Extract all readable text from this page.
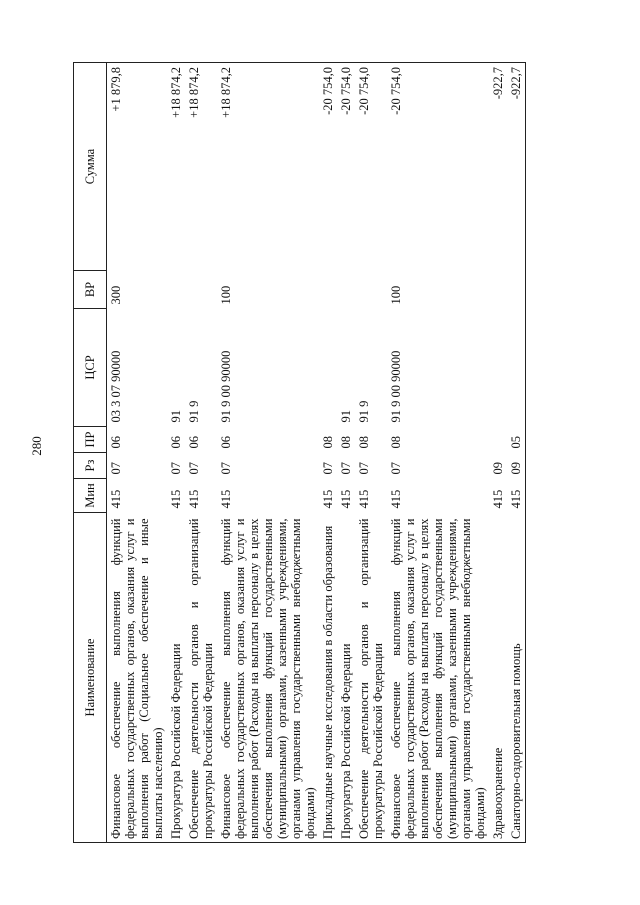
280
Наименование	Мин	Рз	ПР	ЦСР	ВР	Сумма
Финансовое обеспечение выполнения функций федеральных государственных органов, оказания услуг и выполнения работ (Социальное обеспечение и иные выплаты населению)	415	07	06	03 3 07 90000	300	+1 879,8
Прокуратура Российской Федерации	415	07	06	91		+18 874,2
Обеспечение деятельности органов и организаций прокуратуры Российской Федерации	415	07	06	91 9		+18 874,2
Финансовое обеспечение выполнения функций федеральных государственных органов, оказания услуг и выполнения работ (Расходы на выплаты персоналу в целях обеспечения выполнения функций государственными (муниципальными) органами, казенными учреждениями, органами управления государственными внебюджетными фондами)	415	07	06	91 9 00 90000	100	+18 874,2
Прикладные научные исследования в области образования	415	07	08			-20 754,0
Прокуратура Российской Федерации	415	07	08	91		-20 754,0
Обеспечение деятельности органов и организаций прокуратуры Российской Федерации	415	07	08	91 9		-20 754,0
Финансовое обеспечение выполнения функций федеральных государственных органов, оказания услуг и выполнения работ (Расходы на выплаты персоналу в целях обеспечения выполнения функций государственными (муниципальными) органами, казенными учреждениями, органами управления государственными внебюджетными фондами)	415	07	08	91 9 00 90000	100	-20 754,0
Здравоохранение	415	09				-922,7
Санаторно-оздоровительная помощь	415	09	05			-922,7
